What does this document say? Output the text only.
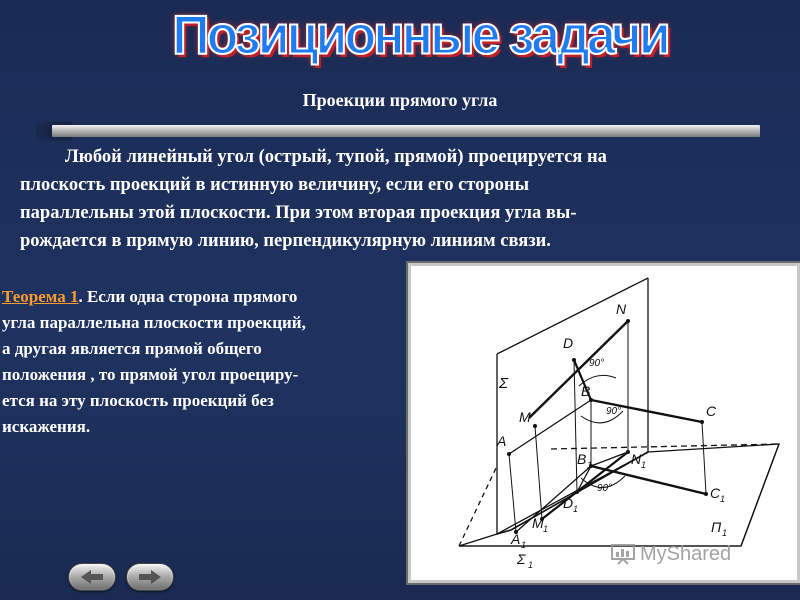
Позиционные задачи
Проекции прямого угла
Любой линейный угол (острый, тупой, прямой) проецируется на
плоскость проекций в истинную величину, если его стороны
параллельны этой плоскости. При этом вторая проекция угла вы-
рождается в прямую линию, перпендикулярную линиям связи.
Теорема 1. Если одна сторона прямого
угла параллельна плоскости проекций,
а другая является прямой общего
положения , то прямой угол проециру-
ется на эту плоскость проекций без
искажения.
N
D
Σ	B
C
M
A
90°
90°
90°
B 1	N 1
C 1
D 1
M 1
A 1
П 1
Σ 1
MyShared
